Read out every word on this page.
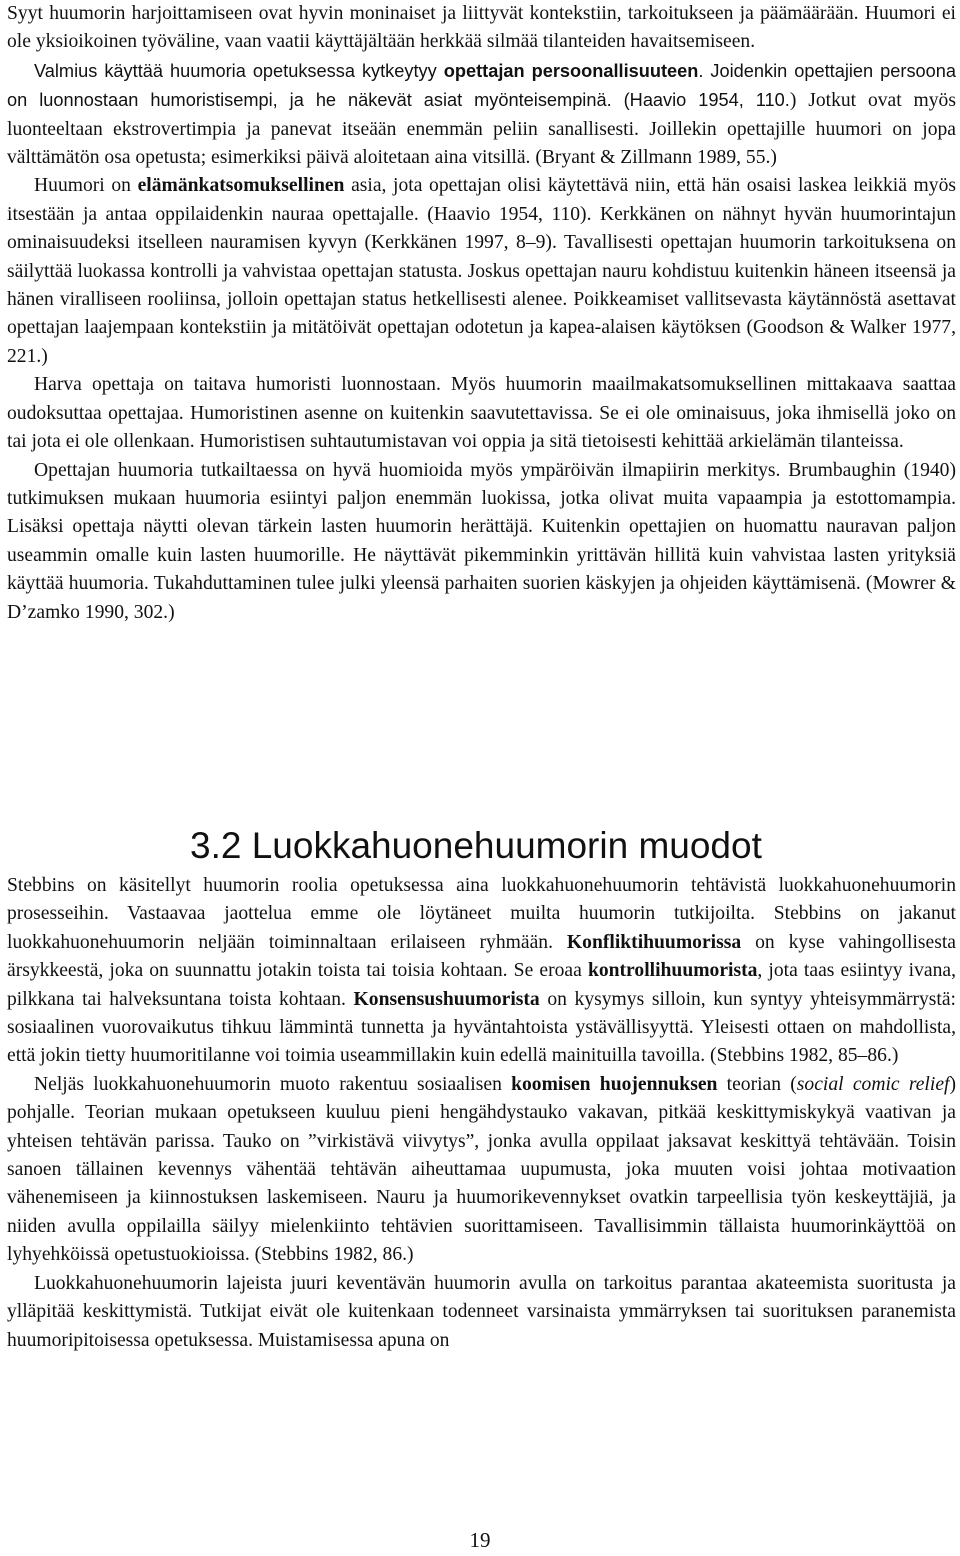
Syyt huumorin harjoittamiseen ovat hyvin moninaiset ja liittyvät kontekstiin, tarkoitukseen ja päämäärään. Huumori ei ole yksioikoinen työväline, vaan vaatii käyttäjältään herkkää silmää tilanteiden havaitsemiseen.

Valmius käyttää huumoria opetuksessa kytkeytyy opettajan persoonallisuuteen. Joidenkin opettajien persoona on luonnostaan humoristisempi, ja he näkevät asiat myönteisempinä. (Haavio 1954, 110.) Jotkut ovat myös luonteeltaan ekstrovertimpia ja panevat itseään enemmän peliin sanallisesti. Joillekin opettajille huumori on jopa välttämätön osa opetusta; esimerkiksi päivä aloitetaan aina vitsillä. (Bryant & Zillmann 1989, 55.)

Huumori on elämänkatsomuksellinen asia, jota opettajan olisi käytettävä niin, että hän osaisi laskea leikkiä myös itsestään ja antaa oppilaidenkin nauraa opettajalle. (Haavio 1954, 110). Kerkkänen on nähnyt hyvän huumorintajun ominaisuudeksi itselleen nauramisen kyvyn (Kerkkänen 1997, 8–9). Tavallisesti opettajan huumorin tarkoituksena on säilyttää luokassa kontrolli ja vahvistaa opettajan statusta. Joskus opettajan nauru kohdistuu kuitenkin häneen itseensä ja hänen viralliseen rooliinsa, jolloin opettajan status hetkellisesti alenee. Poikkeamiset vallitsevasta käytännöstä asettavat opettajan laajempaan kontekstiin ja mitätöivät opettajan odotetun ja kapea-alaisen käytöksen (Goodson & Walker 1977, 221.)

Harva opettaja on taitava humoristi luonnostaan. Myös huumorin maailmakatsomuksellinen mittakaava saattaa oudoksuttaa opettajaa. Humoristinen asenne on kuitenkin saavutettavissa. Se ei ole ominaisuus, joka ihmisellä joko on tai jota ei ole ollenkaan. Humoristisen suhtautumistavan voi oppia ja sitä tietoisesti kehittää arkielämän tilanteissa.

Opettajan huumoria tutkailtaessa on hyvä huomioida myös ympäröivän ilmapiirin merkitys. Brumbaughin (1940) tutkimuksen mukaan huumoria esiintyi paljon enemmän luokissa, jotka olivat muita vapaampia ja estottomampia. Lisäksi opettaja näytti olevan tärkein lasten huumorin herättäjä. Kuitenkin opettajien on huomattu nauravan paljon useammin omalle kuin lasten huumorille. He näyttävät pikemminkin yrittävän hillitä kuin vahvistaa lasten yrityksiä käyttää huumoria. Tukahduttaminen tulee julki yleensä parhaiten suorien käskyjen ja ohjeiden käyttämisenä. (Mowrer & D’zamko 1990, 302.)

3.2 Luokkahuonehuumorin muodot

Stebbins on käsitellyt huumorin roolia opetuksessa aina luokkahuonehuumorin tehtävistä luokkahuonehuumorin prosesseihin. Vastaavaa jaottelua emme ole löytäneet muilta huumorin tutkijoilta. Stebbins on jakanut luokkahuonehuumorin neljään toiminnaltaan erilaiseen ryhmään. Konfliktihuumorissa on kyse vahingollisesta ärsykkeestä, joka on suunnattu jotakin toista tai toisia kohtaan. Se eroaa kontrollihuumorista, jota taas esiintyy ivana, pilkkana tai halveksuntana toista kohtaan. Konsensushuumorista on kysymys silloin, kun syntyy yhteisymmärrystä: sosiaalinen vuorovaikutus tihkuu lämmintä tunnetta ja hyväntahtoista ystävällisyyttä. Yleisesti ottaen on mahdollista, että jokin tietty huumoritilanne voi toimia useammillakin kuin edellä mainituilla tavoilla. (Stebbins 1982, 85–86.)

Neljäs luokkahuonehuumorin muoto rakentuu sosiaalisen koomisen huojennuksen teorian (social comic relief) pohjalle. Teorian mukaan opetukseen kuuluu pieni hengähdystauko vakavan, pitkää keskittymiskykyä vaativan ja yhteisen tehtävän parissa. Tauko on ”virkistävä viivytys”, jonka avulla oppilaat jaksavat keskittyä tehtävään. Toisin sanoen tällainen kevennys vähentää tehtävän aiheuttamaa uupumusta, joka muuten voisi johtaa motivaation vähenemiseen ja kiinnostuksen laskemiseen. Nauru ja huumorikevennykset ovatkin tarpeellisia työn keskeyttäjiä, ja niiden avulla oppilailla säilyy mielenkiinto tehtävien suorittamiseen. Tavallisimmin tällaista huumorinkäyttöä on lyhyehköissä opetustuokioissa. (Stebbins 1982, 86.)

Luokkahuonehuumorin lajeista juuri keventävän huumorin avulla on tarkoitus parantaa akateemista suoritusta ja ylläpitää keskittymistä. Tutkijat eivät ole kuitenkaan todenneet varsinaista ymmärryksen tai suorituksen paranemista huumoripitoisessa opetuksessa. Muistamisessa apuna on

19
